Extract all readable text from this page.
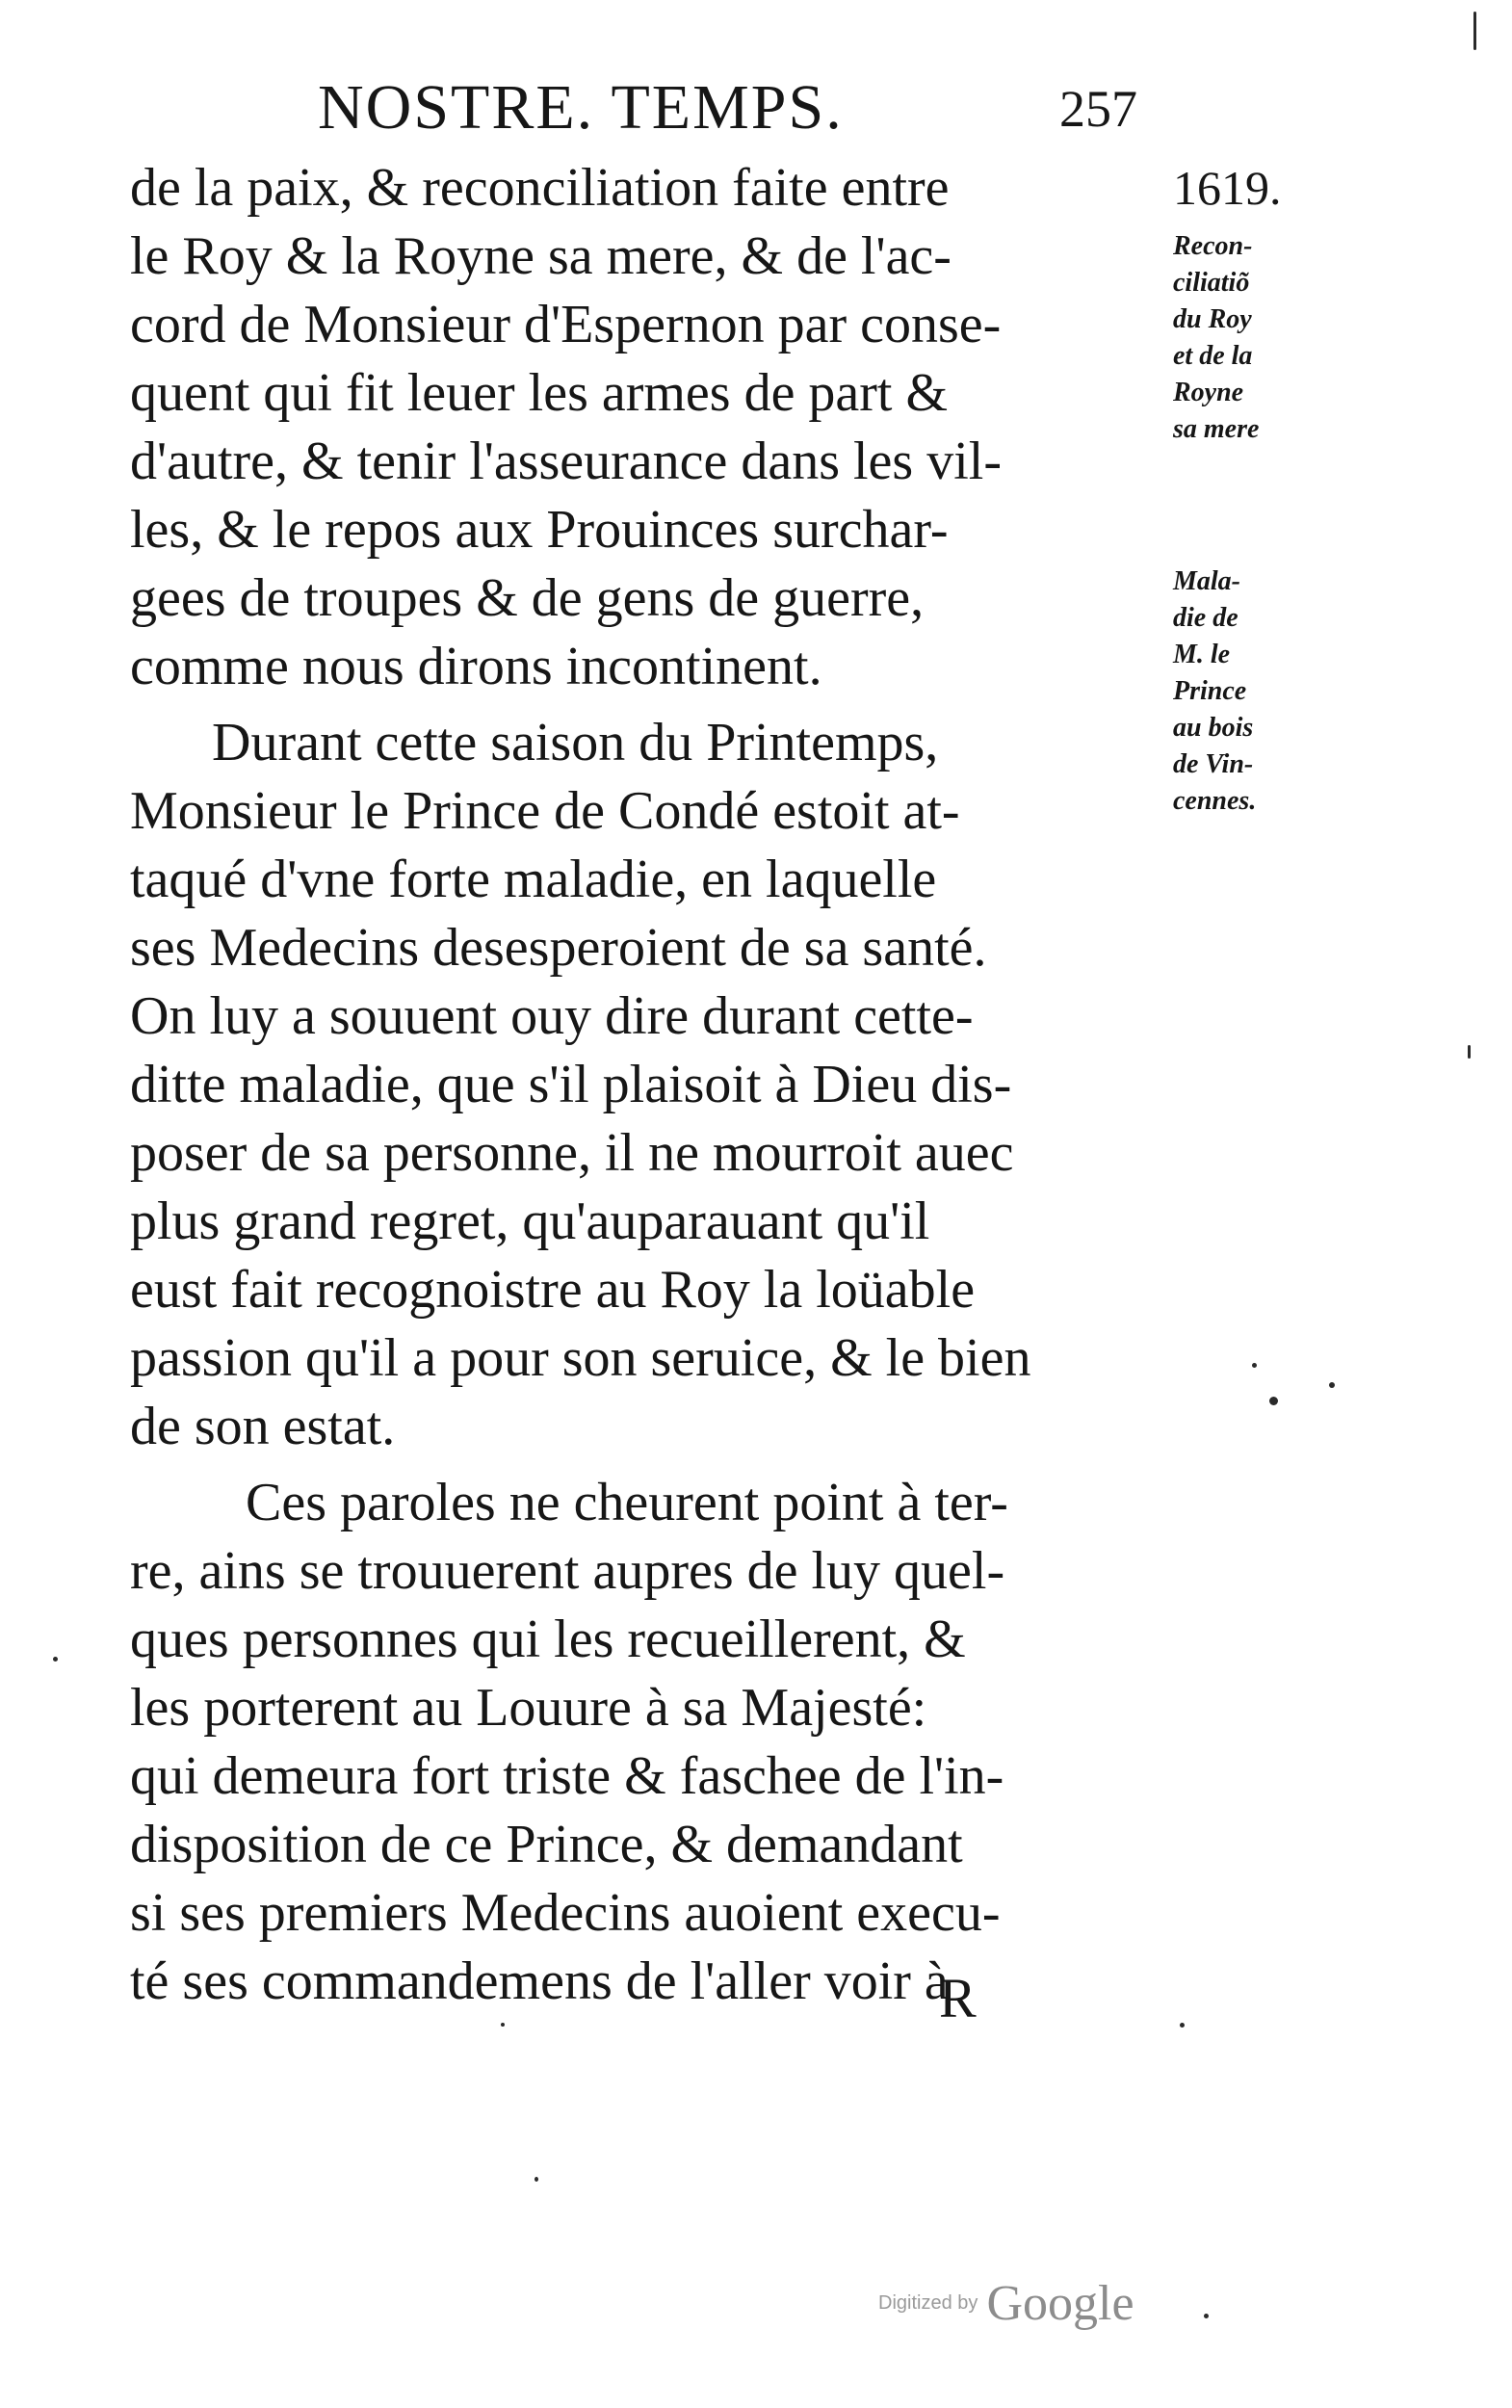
NOSTRE. TEMPS.	257
de la paix, & reconciliation faite entre
le Roy & la Royne sa mere, & de l'ac-
cord de Monsieur d'Espernon par conse-
quent qui fit leuer les armes de part &
d'autre, & tenir l'asseurance dans les vil-
les, & le repos aux Prouinces surchar-
gees de troupes & de gens de guerre,
comme nous dirons incontinent.
Durant cette saison du Printemps,
Monsieur le Prince de Condé estoit at-
taqué d'vne forte maladie, en laquelle
ses Medecins desesperoient de sa santé.
On luy a souuent ouy dire durant cette-
ditte maladie, que s'il plaisoit à Dieu dis-
poser de sa personne, il ne mourroit auec
plus grand regret, qu'auparauant qu'il
eust fait recognoistre au Roy la loüable
passion qu'il a pour son seruice, & le bien
de son estat.
Ces paroles ne cheurent point à ter-
re, ains se trouuerent aupres de luy quel-
ques personnes qui les recueillerent, &
les porterent au Louure à sa Majesté:
qui demeura fort triste & faschee de l'in-
disposition de ce Prince, & demandant
si ses premiers Medecins auoient execu-
té ses commandemens de l'aller voir à
1619.
Recon-
ciliatiõ
du Roy
et de la
Royne
sa mere
Mala-
die de
M. le
Prince
au bois
de Vin-
cennes.
R
Digitized by Google
